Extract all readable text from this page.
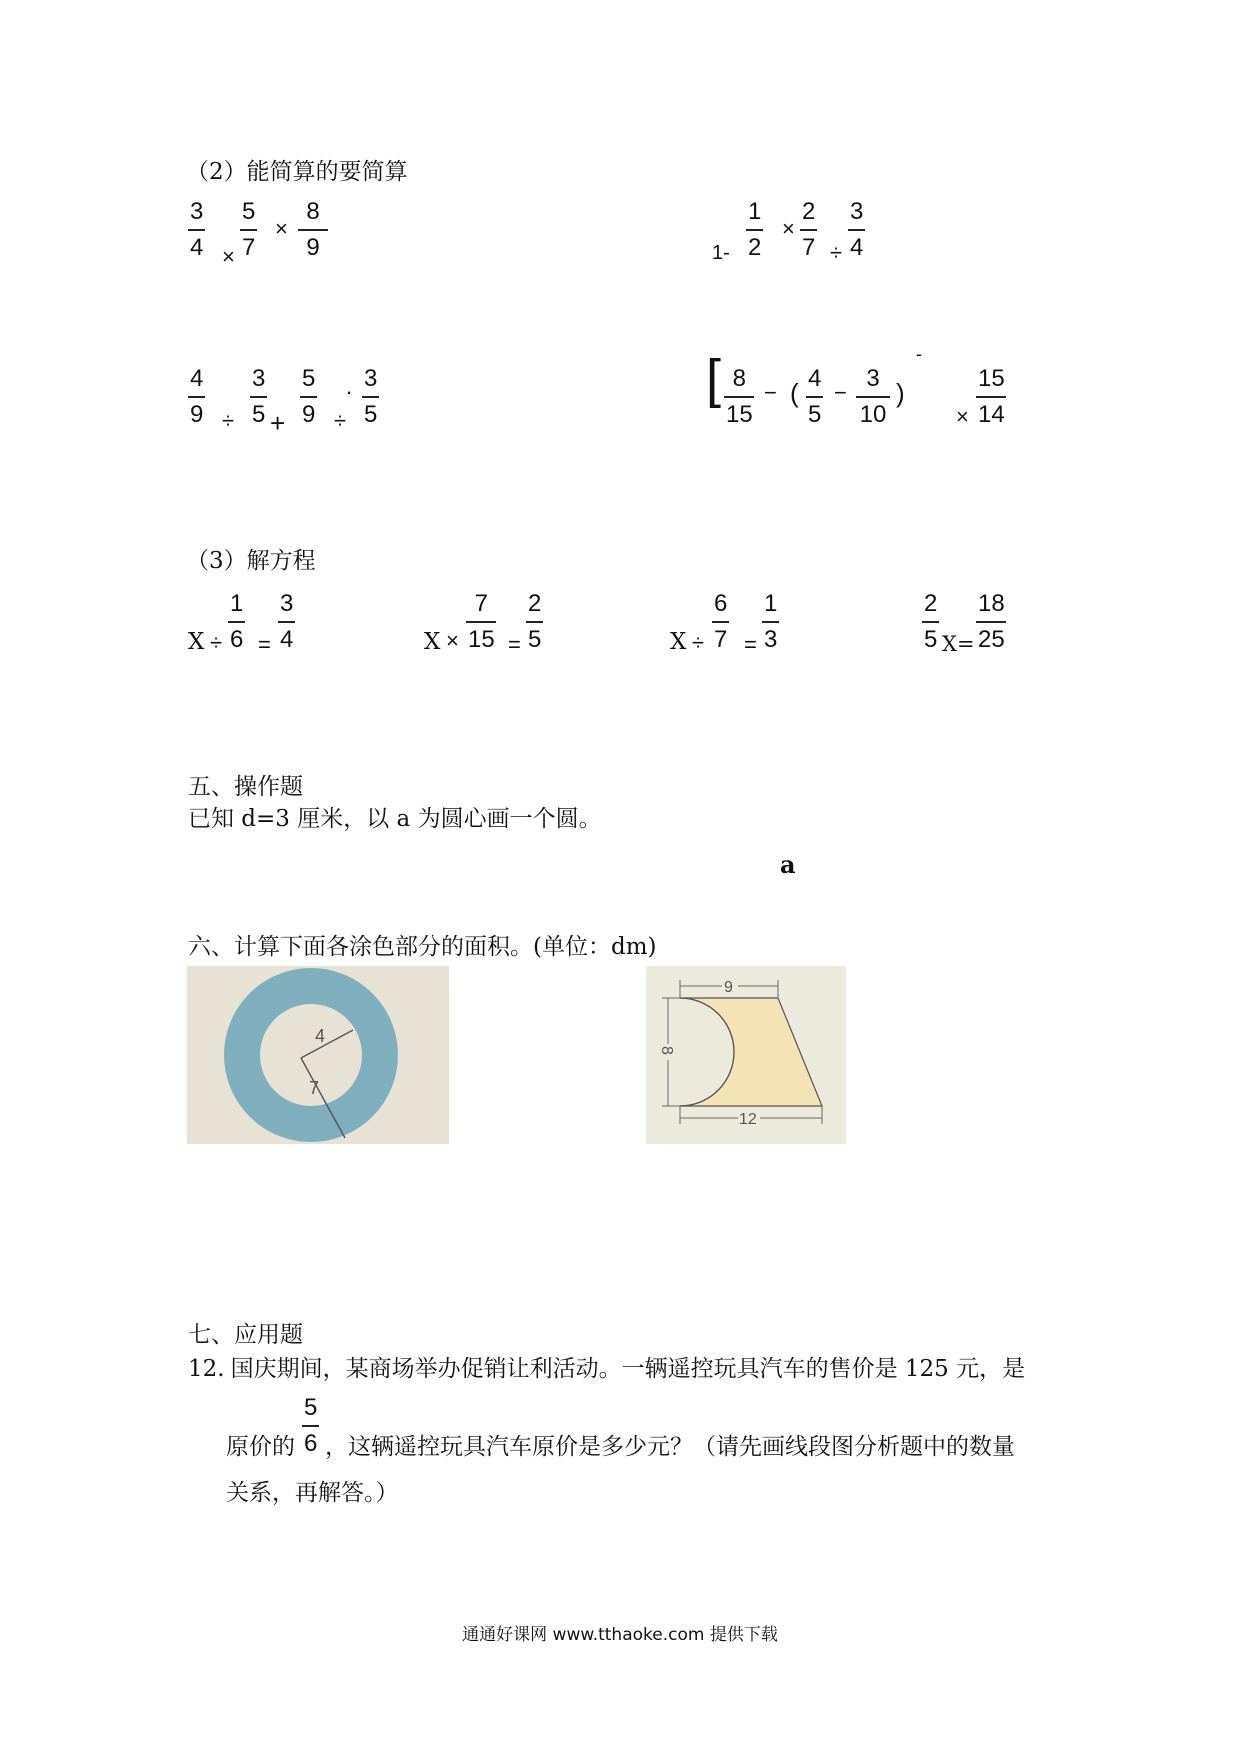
（2）能简算的要简算
3
4 ×
5
7
×
8
9	1-
1
2
×
2
7 ÷
3
4
4
9 ÷
3
5 +
5
9 ÷
. 3
5
[ 8
15
− ( 4
5
−
3
10
)
-
×
15
14
（3）解方程
X ÷
1
6 =
3
4	X ×
7
15 =
2
5	X ÷
6
7 =
1
3
2
5 X=
18
25
五、操作题
已知 d=3 厘米，以 a 为圆心画一个圆。
a
六、计算下面各涂色部分的面积。(单位：dm)
4
7
9
8
12
七、应用题
12. 国庆期间，某商场举办促销让利活动。一辆遥控玩具汽车的售价是 125 元，是
5
6
原价的 ，这辆遥控玩具汽车原价是多少元？（请先画线段图分析题中的数量
关系，再解答。）
通通好课网 www.tthaoke.com 提供下载
